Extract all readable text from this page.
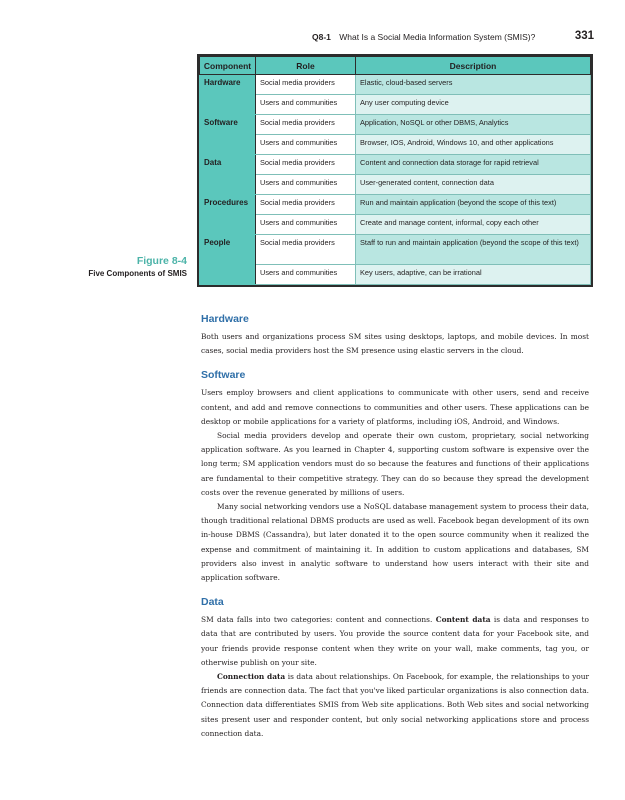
Q8-1 What Is a Social Media Information System (SMIS)?	331
Component	Role	Description
Hardware	Social media providers	Elastic, cloud-based servers
	Users and communities	Any user computing device
Software	Social media providers	Application, NoSQL or other DBMS, Analytics
	Users and communities	Browser, IOS, Android, Windows 10, and other applications
Data	Social media providers	Content and connection data storage for rapid retrieval
	Users and communities	User-generated content, connection data
Procedures	Social media providers	Run and maintain application (beyond the scope of this text)
	Users and communities	Create and manage content, informal, copy each other
People	Social media providers	Staff to run and maintain application (beyond the scope of this text)
	Users and communities	Key users, adaptive, can be irrational
Figure 8-4
Five Components of SMIS
Hardware

Both users and organizations process SM sites using desktops, laptops, and mobile devices. In most cases, social media providers host the SM presence using elastic servers in the cloud.

Software

Users employ browsers and client applications to communicate with other users, send and receive content, and add and remove connections to communities and other users. These applications can be desktop or mobile applications for a variety of platforms, including iOS, Android, and Windows.

Social media providers develop and operate their own custom, proprietary, social networking application software. As you learned in Chapter 4, supporting custom software is expensive over the long term; SM application vendors must do so because the features and functions of their applications are fundamental to their competitive strategy. They can do so because they spread the development costs over the revenue generated by millions of users.

Many social networking vendors use a NoSQL database management system to process their data, though traditional relational DBMS products are used as well. Facebook began development of its own in-house DBMS (Cassandra), but later donated it to the open source community when it realized the expense and commitment of maintaining it. In addition to custom applications and databases, SM providers also invest in analytic software to understand how users interact with their site and application software.

Data

SM data falls into two categories: content and connections. Content data is data and responses to data that are contributed by users. You provide the source content data for your Facebook site, and your friends provide response content when they write on your wall, make comments, tag you, or otherwise publish on your site.

Connection data is data about relationships. On Facebook, for example, the relationships to your friends are connection data. The fact that you've liked particular organizations is also connection data. Connection data differentiates SMIS from Web site applications. Both Web sites and social networking sites present user and responder content, but only social networking applications store and process connection data.
